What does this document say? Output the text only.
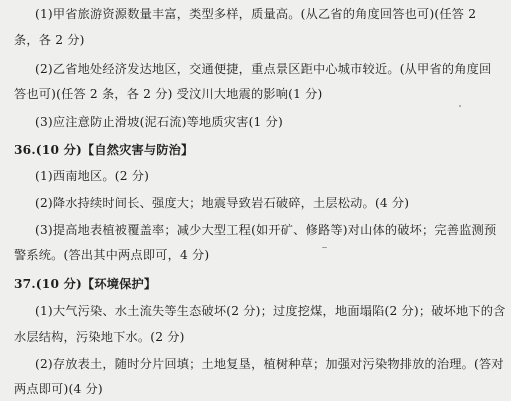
(1)甲省旅游资源数量丰富，类型多样，质量高。(从乙省的角度回答也可)(任答 2
条，各 2 分)
(2)乙省地处经济发达地区，交通便捷，重点景区距中心城市较近。(从甲省的角度回
答也可)(任答 2 条，各 2 分) 受汶川大地震的影响(1 分)
(3)应注意防止滑坡(泥石流)等地质灾害(1 分)
36.(10 分)【自然灾害与防治】
(1)西南地区。(2 分)
(2)降水持续时间长、强度大；地震导致岩石破碎，土层松动。(4 分)
(3)提高地表植被覆盖率；减少大型工程(如开矿、修路等)对山体的破坏；完善监测预
警系统。(答出其中两点即可，4 分)
37.(10 分)【环境保护】
(1)大气污染、水土流失等生态破坏(2 分)；过度挖煤，地面塌陷(2 分)；破坏地下的含
水层结构，污染地下水。(2 分)
(2)存放表土，随时分片回填；土地复垦，植树种草；加强对污染物排放的治理。(答对
两点即可)(4 分)
